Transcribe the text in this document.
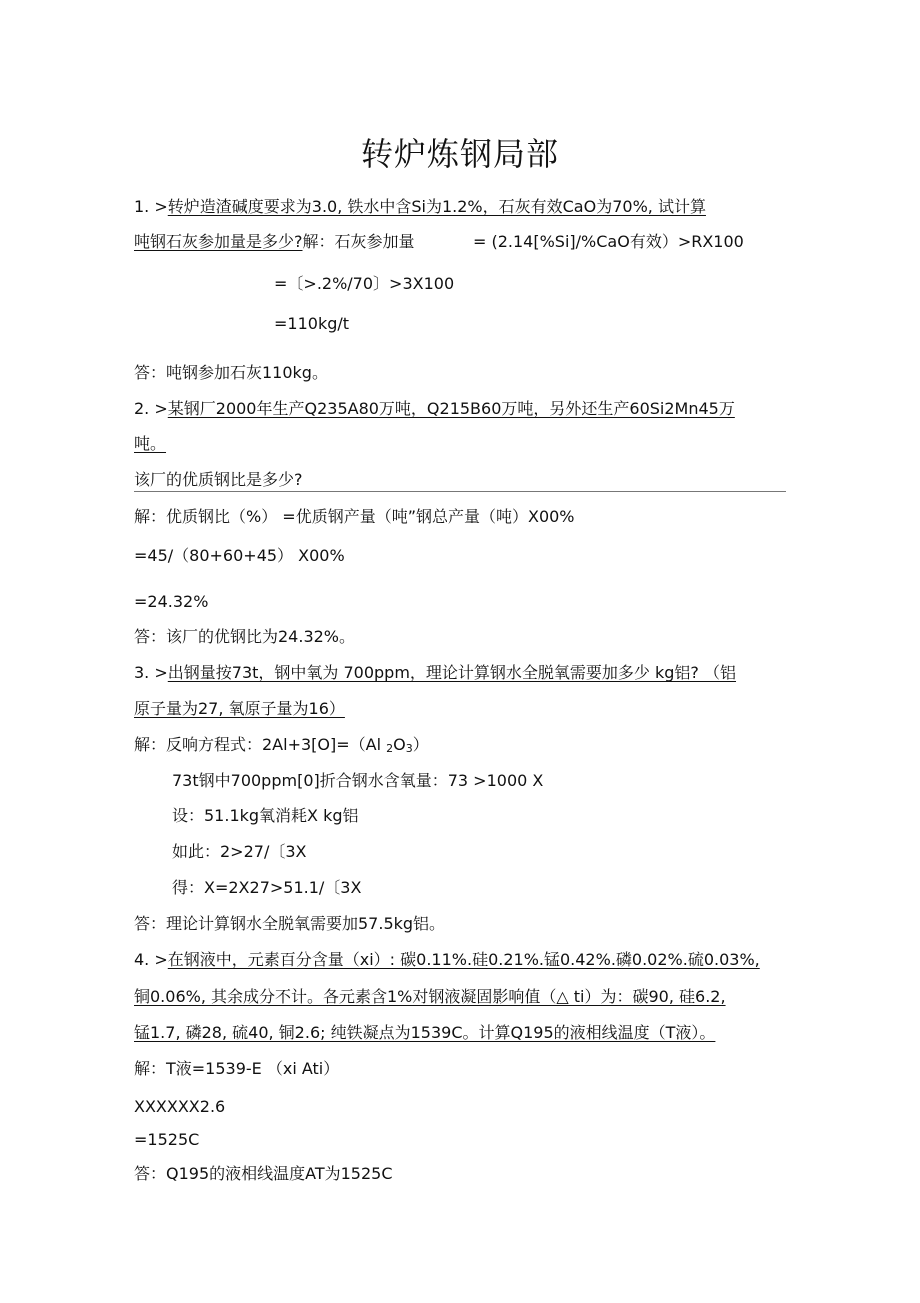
转炉炼钢局部
1. >转炉造渣碱度要求为3.0, 铁水中含Si为1.2%，石灰有效CaO为70%, 试计算
吨钢石灰参加量是多少?解：石灰参加量	= (2.14[%Si]/%CaO有效）>RX100
=〔>.2%/70〕>3X100
=110kg/t
答：吨钢参加石灰110kg。
2. >某钢厂2000年生产Q235A80万吨，Q215B60万吨，另外还生产60Si2Mn45万
吨。
该厂的优质钢比是多少?
解：优质钢比（%） =优质钢产量（吨”钢总产量（吨）X00%
=45/（80+60+45） X00%
=24.32%
答：该厂的优钢比为24.32%。
3. >出钢量按73t，钢中氧为 700ppm，理论计算钢水全脱氧需要加多少 kg铝? （铝
原子量为27, 氧原子量为16）
解：反响方程式：2Al+3[O]=（Al $_2O_3$）
73t钢中700ppm[0]折合钢水含氧量：73 >1000 X
设：51.1kg氧消耗X kg铝
如此：2>27/〔3X
得：X=2X27>51.1/〔3X
答：理论计算钢水全脱氧需要加57.5kg铝。
4. >在钢液中，元素百分含量（xi）: 碳0.11%.硅0.21%.锰0.42%.磷0.02%.硫0.03%,
铜0.06%, 其余成分不计。各元素含1%对钢液凝固影响值（△ ti）为：碳90, 硅6.2,
锰1.7, 磷28, 硫40, 铜2.6; 纯铁凝点为1539C。计算Q195的液相线温度（T液）。
解：T液=1539-E （xi Ati）
XXXXXX2.6
=1525C
答：Q195的液相线温度AT为1525C
